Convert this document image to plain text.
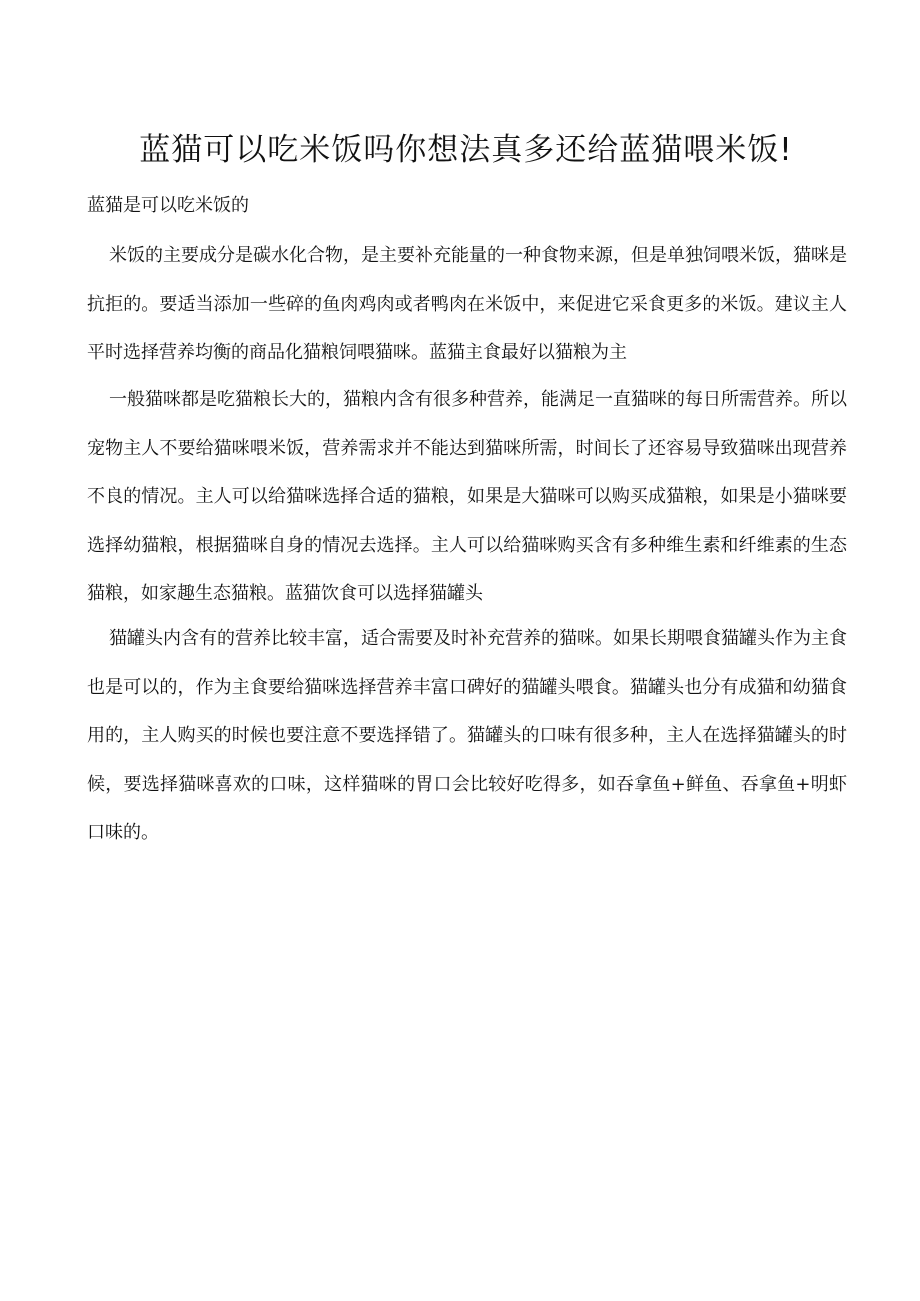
蓝猫可以吃米饭吗你想法真多还给蓝猫喂米饭!

蓝猫是可以吃米饭的

米饭的主要成分是碳水化合物，是主要补充能量的一种食物来源，但是单独饲喂米饭，猫咪是抗拒的。要适当添加一些碎的鱼肉鸡肉或者鸭肉在米饭中，来促进它采食更多的米饭。建议主人平时选择营养均衡的商品化猫粮饲喂猫咪。蓝猫主食最好以猫粮为主

一般猫咪都是吃猫粮长大的，猫粮内含有很多种营养，能满足一直猫咪的每日所需营养。所以宠物主人不要给猫咪喂米饭，营养需求并不能达到猫咪所需，时间长了还容易导致猫咪出现营养不良的情况。主人可以给猫咪选择合适的猫粮，如果是大猫咪可以购买成猫粮，如果是小猫咪要选择幼猫粮，根据猫咪自身的情况去选择。主人可以给猫咪购买含有多种维生素和纤维素的生态猫粮，如家趣生态猫粮。蓝猫饮食可以选择猫罐头

猫罐头内含有的营养比较丰富，适合需要及时补充营养的猫咪。如果长期喂食猫罐头作为主食也是可以的，作为主食要给猫咪选择营养丰富口碑好的猫罐头喂食。猫罐头也分有成猫和幼猫食用的，主人购买的时候也要注意不要选择错了。猫罐头的口味有很多种，主人在选择猫罐头的时候，要选择猫咪喜欢的口味，这样猫咪的胃口会比较好吃得多，如吞拿鱼+鲜鱼、吞拿鱼+明虾口味的。
